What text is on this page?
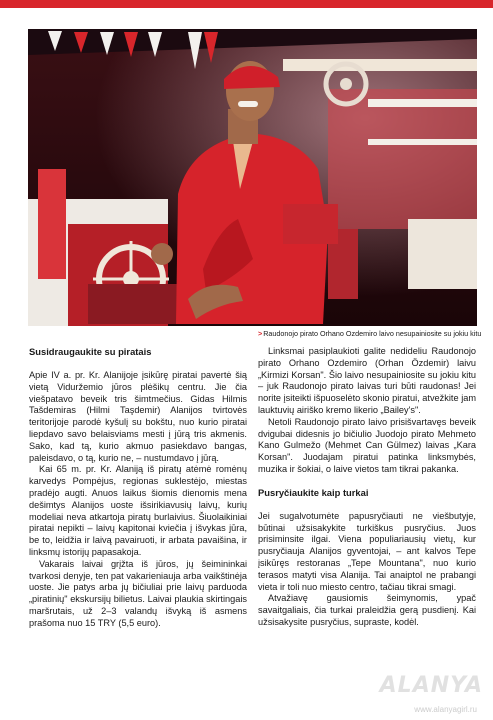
>Raudonojo pirato Orhano Ozdemiro laivo nesupainiosite su jokiu kitu
Susidraugaukite su piratais

Apie IV a. pr. Kr. Alanijoje įsikūrę piratai pavertė šią vietą Viduržemio jūros plėšikų centru. Jie čia viešpatavo beveik tris šimtmečius. Gidas Hilmis Tašdemiras (Hilmi Taşdemir) Alanijos tvirtovės teritorijoje parodė kyšulį su bokštu, nuo kurio piratai liepdavo savo belaisviams mesti į jūrą tris akmenis. Sako, kad tą, kurio akmuo pasiekdavo bangas, paleisdavo, o tą, kurio ne, – nustumdavo į jūrą.

Kai 65 m. pr. Kr. Alaniją iš piratų atėmė romėnų karvedys Pompėjus, regionas suklestėjo, miestas pradėjo augti. Anuos laikus šiomis dienomis mena dešimtys Alanijos uoste išsirikiavusių laivų, kurių modeliai neva atkartoja piratų burlaivius. Šiuolaikiniai piratai nepikti – laivų kapitonai kviečia į išvykas jūra, be to, leidžia ir laivą pavairuoti, ir arbata pavaišina, ir linksmų istorijų papasakoja.

Vakarais laivai grįžta iš jūros, jų šeimininkai tvarkosi denyje, ten pat vakarieniauja arba vaikštinėja uoste. Jie patys arba jų bičiuliai prie laivų parduoda „piratinių" ekskursijų bilietus. Laivai plaukia skirtingais maršrutais, už 2–3 valandų išvyką iš asmens prašoma nuo 15 TRY (5,5 euro).

Linksmai pasiplaukioti galite nedideliu Raudonojo pirato Orhano Ozdemiro (Orhan Özdemir) laivu „Kirmizi Korsan". Šio laivo nesupainiosite su jokiu kitu – juk Raudonojo pirato laivas turi būti raudonas! Jei norite įsiteikti išpuoselėto skonio piratui, atvežkite jam lauktuvių airiško kremo likerio „Bailey's".

Netoli Raudonojo pirato laivo prisišvartavęs beveik dvigubai didesnis jo bičiulio Juodojo pirato Mehmeto Kano Gulmežo (Mehmet Can Gülmez) laivas „Kara Korsan". Juodajam piratui patinka linksmybės, muzika ir šokiai, o laive vietos tam tikrai pakanka.

Pusryčiaukite kaip turkai

Jei sugalvotumėte papusryčiauti ne viešbutyje, būtinai užsisakykite turkiškus pusryčius. Juos prisiminsite ilgai. Viena populiariausių vietų, kur pusryčiauja Alanijos gyventojai, – ant kalvos Tepe įsikūręs restoranas „Tepe Mountana", nuo kurio terasos matyti visa Alanija. Tai anaiptol ne prabangi vieta ir toli nuo miesto centro, tačiau tikrai smagi.

Atvažiavę gausiomis šeimynomis, ypač savaitgaliais, čia turkai praleidžia gerą pusdienį. Kai užsisakysite pusryčius, supraste, kodėl.

ALANYA
www.alanyagirl.ru
